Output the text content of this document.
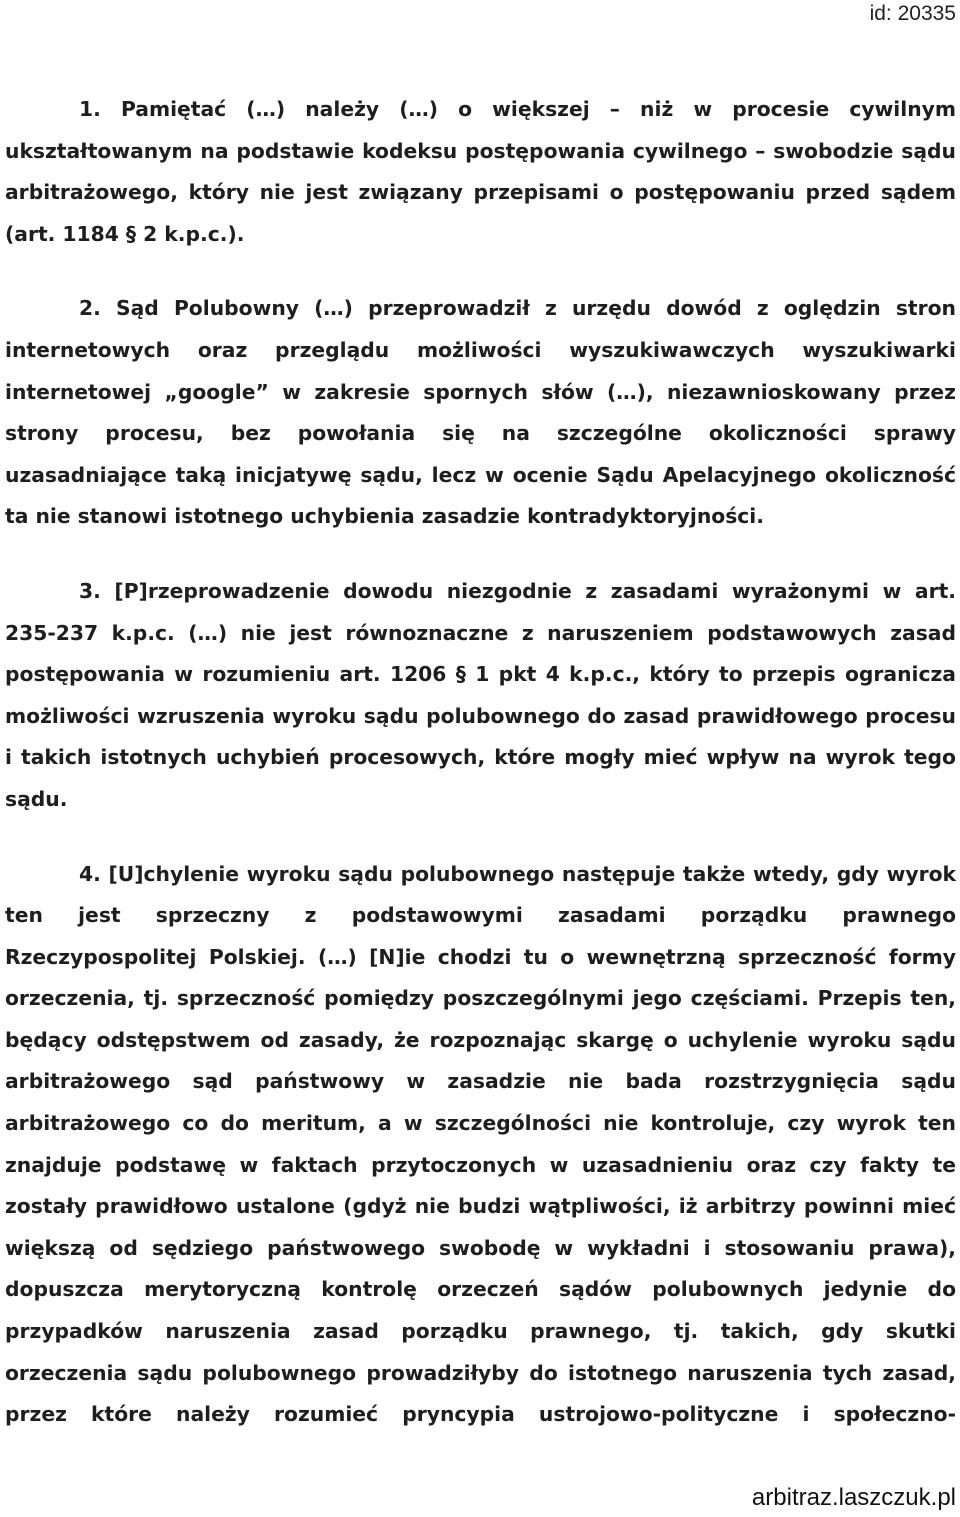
id: 20335

1. Pamiętać (…) należy (…) o większej – niż w procesie cywilnym ukształtowanym na podstawie kodeksu postępowania cywilnego – swobodzie sądu arbitrażowego, który nie jest związany przepisami o postępowaniu przed sądem (art. 1184 § 2 k.p.c.).

2. Sąd Polubowny (…) przeprowadził z urzędu dowód z oględzin stron internetowych oraz przeglądu możliwości wyszukiwawczych wyszukiwarki internetowej „google” w zakresie spornych słów (…), niezawnioskowany przez strony procesu, bez powołania się na szczególne okoliczności sprawy uzasadniające taką inicjatywę sądu, lecz w ocenie Sądu Apelacyjnego okoliczność ta nie stanowi istotnego uchybienia zasadzie kontradyktoryjności.

3. [P]rzeprowadzenie dowodu niezgodnie z zasadami wyrażonymi w art. 235-237 k.p.c. (…) nie jest równoznaczne z naruszeniem podstawowych zasad postępowania w rozumieniu art. 1206 § 1 pkt 4 k.p.c., który to przepis ogranicza możliwości wzruszenia wyroku sądu polubownego do zasad prawidłowego procesu i takich istotnych uchybień procesowych, które mogły mieć wpływ na wyrok tego sądu.

4. [U]chylenie wyroku sądu polubownego następuje także wtedy, gdy wyrok ten jest sprzeczny z podstawowymi zasadami porządku prawnego Rzeczypospolitej Polskiej. (…) [N]ie chodzi tu o wewnętrzną sprzeczność formy orzeczenia, tj. sprzeczność pomiędzy poszczególnymi jego częściami. Przepis ten, będący odstępstwem od zasady, że rozpoznając skargę o uchylenie wyroku sądu arbitrażowego sąd państwowy w zasadzie nie bada rozstrzygnięcia sądu arbitrażowego co do meritum, a w szczególności nie kontroluje, czy wyrok ten znajduje podstawę w faktach przytoczonych w uzasadnieniu oraz czy fakty te zostały prawidłowo ustalone (gdyż nie budzi wątpliwości, iż arbitrzy powinni mieć większą od sędziego państwowego swobodę w wykładni i stosowaniu prawa), dopuszcza merytoryczną kontrolę orzeczeń sądów polubownych jedynie do przypadków naruszenia zasad porządku prawnego, tj. takich, gdy skutki orzeczenia sądu polubownego prowadziłyby do istotnego naruszenia tych zasad, przez które należy rozumieć pryncypia ustrojowo-polityczne i społeczno-

arbitraz.laszczuk.pl
